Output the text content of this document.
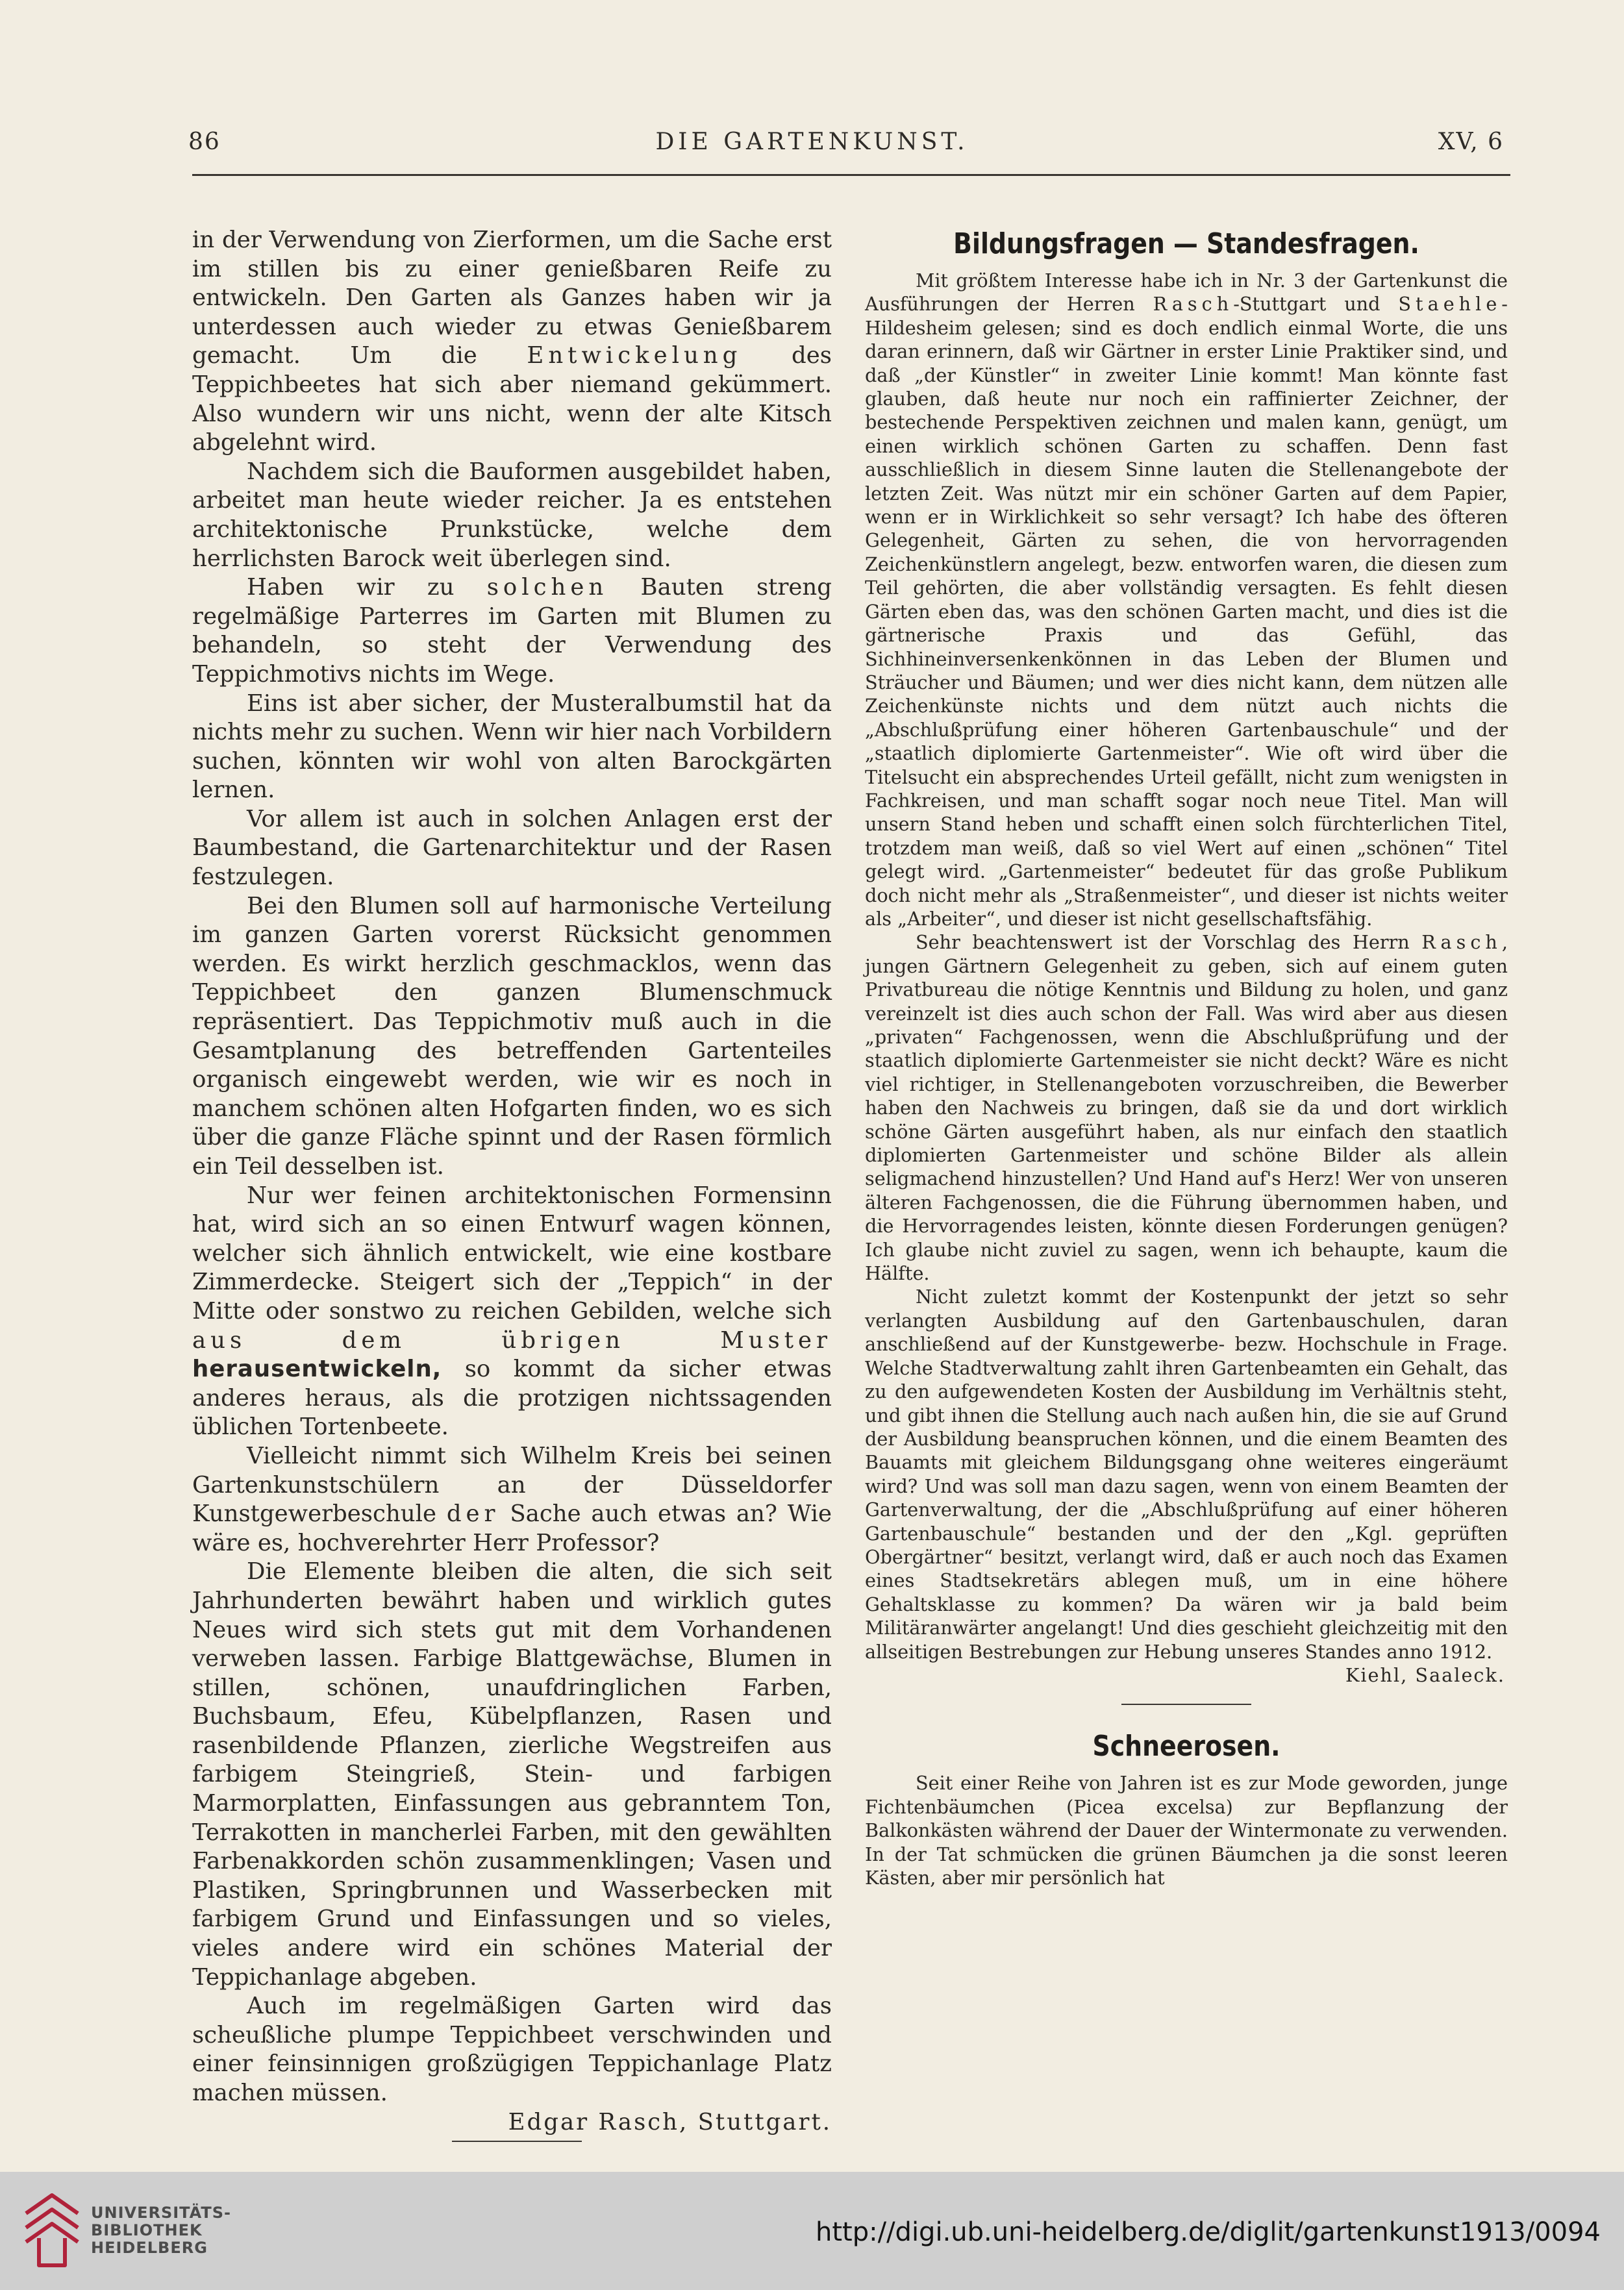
86	DIE GARTENKUNST.	XV, 6

in der Verwendung von Zierformen, um die Sache erst im stillen bis zu einer genießbaren Reife zu entwickeln. Den Garten als Ganzes haben wir ja unterdessen auch wieder zu etwas Genießbarem gemacht. Um die Entwickelung des Teppichbeetes hat sich aber niemand gekümmert. Also wundern wir uns nicht, wenn der alte Kitsch abgelehnt wird.

Nachdem sich die Bauformen ausgebildet haben, arbeitet man heute wieder reicher. Ja es entstehen architektonische Prunkstücke, welche dem herrlichsten Barock weit überlegen sind.

Haben wir zu solchen Bauten streng regelmäßige Parterres im Garten mit Blumen zu behandeln, so steht der Verwendung des Teppichmotivs nichts im Wege.

Eins ist aber sicher, der Musteralbumstil hat da nichts mehr zu suchen. Wenn wir hier nach Vorbildern suchen, könnten wir wohl von alten Barockgärten lernen.

Vor allem ist auch in solchen Anlagen erst der Baumbestand, die Gartenarchitektur und der Rasen festzulegen.

Bei den Blumen soll auf harmonische Verteilung im ganzen Garten vorerst Rücksicht genommen werden. Es wirkt herzlich geschmacklos, wenn das Teppichbeet den ganzen Blumenschmuck repräsentiert. Das Teppichmotiv muß auch in die Gesamtplanung des betreffenden Gartenteiles organisch eingewebt werden, wie wir es noch in manchem schönen alten Hofgarten finden, wo es sich über die ganze Fläche spinnt und der Rasen förmlich ein Teil desselben ist.

Nur wer feinen architektonischen Formensinn hat, wird sich an so einen Entwurf wagen können, welcher sich ähnlich entwickelt, wie eine kostbare Zimmerdecke. Steigert sich der „Teppich“ in der Mitte oder sonstwo zu reichen Gebilden, welche sich aus dem übrigen Muster herausentwickeln, so kommt da sicher etwas anderes heraus, als die protzigen nichtssagenden üblichen Tortenbeete.

Vielleicht nimmt sich Wilhelm Kreis bei seinen Gartenkunstschülern an der Düsseldorfer Kunstgewerbeschule der Sache auch etwas an? Wie wäre es, hochverehrter Herr Professor?

Die Elemente bleiben die alten, die sich seit Jahrhunderten bewährt haben und wirklich gutes Neues wird sich stets gut mit dem Vorhandenen verweben lassen. Farbige Blattgewächse, Blumen in stillen, schönen, unaufdringlichen Farben, Buchsbaum, Efeu, Kübelpflanzen, Rasen und rasenbildende Pflanzen, zierliche Wegstreifen aus farbigem Steingrieß, Stein- und farbigen Marmorplatten, Einfassungen aus gebranntem Ton, Terrakotten in mancherlei Farben, mit den gewählten Farbenakkorden schön zusammenklingen; Vasen und Plastiken, Springbrunnen und Wasserbecken mit farbigem Grund und Einfassungen und so vieles, vieles andere wird ein schönes Material der Teppichanlage abgeben.

Auch im regelmäßigen Garten wird das scheußliche plumpe Teppichbeet verschwinden und einer feinsinnigen großzügigen Teppichanlage Platz machen müssen.

Edgar Rasch, Stuttgart.

Bildungsfragen — Standesfragen.

Mit größtem Interesse habe ich in Nr. 3 der Gartenkunst die Ausführungen der Herren Rasch-Stuttgart und Staehle-Hildesheim gelesen; sind es doch endlich einmal Worte, die uns daran erinnern, daß wir Gärtner in erster Linie Praktiker sind, und daß „der Künstler“ in zweiter Linie kommt! Man könnte fast glauben, daß heute nur noch ein raffinierter Zeichner, der bestechende Perspektiven zeichnen und malen kann, genügt, um einen wirklich schönen Garten zu schaffen. Denn fast ausschließlich in diesem Sinne lauten die Stellenangebote der letzten Zeit. Was nützt mir ein schöner Garten auf dem Papier, wenn er in Wirklichkeit so sehr versagt? Ich habe des öfteren Gelegenheit, Gärten zu sehen, die von hervorragenden Zeichenkünstlern angelegt, bezw. entworfen waren, die diesen zum Teil gehörten, die aber vollständig versagten. Es fehlt diesen Gärten eben das, was den schönen Garten macht, und dies ist die gärtnerische Praxis und das Gefühl, das Sichhineinversenkenkönnen in das Leben der Blumen und Sträucher und Bäumen; und wer dies nicht kann, dem nützen alle Zeichenkünste nichts und dem nützt auch nichts die „Abschlußprüfung einer höheren Gartenbauschule“ und der „staatlich diplomierte Gartenmeister“. Wie oft wird über die Titelsucht ein absprechendes Urteil gefällt, nicht zum wenigsten in Fachkreisen, und man schafft sogar noch neue Titel. Man will unsern Stand heben und schafft einen solch fürchterlichen Titel, trotzdem man weiß, daß so viel Wert auf einen „schönen“ Titel gelegt wird. „Gartenmeister“ bedeutet für das große Publikum doch nicht mehr als „Straßenmeister“, und dieser ist nichts weiter als „Arbeiter“, und dieser ist nicht gesellschaftsfähig.

Sehr beachtenswert ist der Vorschlag des Herrn Rasch, jungen Gärtnern Gelegenheit zu geben, sich auf einem guten Privatbureau die nötige Kenntnis und Bildung zu holen, und ganz vereinzelt ist dies auch schon der Fall. Was wird aber aus diesen „privaten“ Fachgenossen, wenn die Abschlußprüfung und der staatlich diplomierte Gartenmeister sie nicht deckt? Wäre es nicht viel richtiger, in Stellenangeboten vorzuschreiben, die Bewerber haben den Nachweis zu bringen, daß sie da und dort wirklich schöne Gärten ausgeführt haben, als nur einfach den staatlich diplomierten Gartenmeister und schöne Bilder als allein seligmachend hinzustellen? Und Hand auf's Herz! Wer von unseren älteren Fachgenossen, die die Führung übernommen haben, und die Hervorragendes leisten, könnte diesen Forderungen genügen? Ich glaube nicht zuviel zu sagen, wenn ich behaupte, kaum die Hälfte.

Nicht zuletzt kommt der Kostenpunkt der jetzt so sehr verlangten Ausbildung auf den Gartenbauschulen, daran anschließend auf der Kunstgewerbe- bezw. Hochschule in Frage. Welche Stadtverwaltung zahlt ihren Gartenbeamten ein Gehalt, das zu den aufgewendeten Kosten der Ausbildung im Verhältnis steht, und gibt ihnen die Stellung auch nach außen hin, die sie auf Grund der Ausbildung beanspruchen können, und die einem Beamten des Bauamts mit gleichem Bildungsgang ohne weiteres eingeräumt wird? Und was soll man dazu sagen, wenn von einem Beamten der Gartenverwaltung, der die „Abschlußprüfung auf einer höheren Gartenbauschule“ bestanden und der den „Kgl. geprüften Obergärtner“ besitzt, verlangt wird, daß er auch noch das Examen eines Stadtsekretärs ablegen muß, um in eine höhere Gehaltsklasse zu kommen? Da wären wir ja bald beim Militäranwärter angelangt! Und dies geschieht gleichzeitig mit den allseitigen Bestrebungen zur Hebung unseres Standes anno 1912.

Kiehl, Saaleck.

Schneerosen.

Seit einer Reihe von Jahren ist es zur Mode geworden, junge Fichtenbäumchen (Picea excelsa) zur Bepflanzung der Balkonkästen während der Dauer der Wintermonate zu verwenden. In der Tat schmücken die grünen Bäumchen ja die sonst leeren Kästen, aber mir persönlich hat

UNIVERSITÄTS-
BIBLIOTHEK
HEIDELBERG
http://digi.ub.uni-heidelberg.de/diglit/gartenkunst1913/0094
